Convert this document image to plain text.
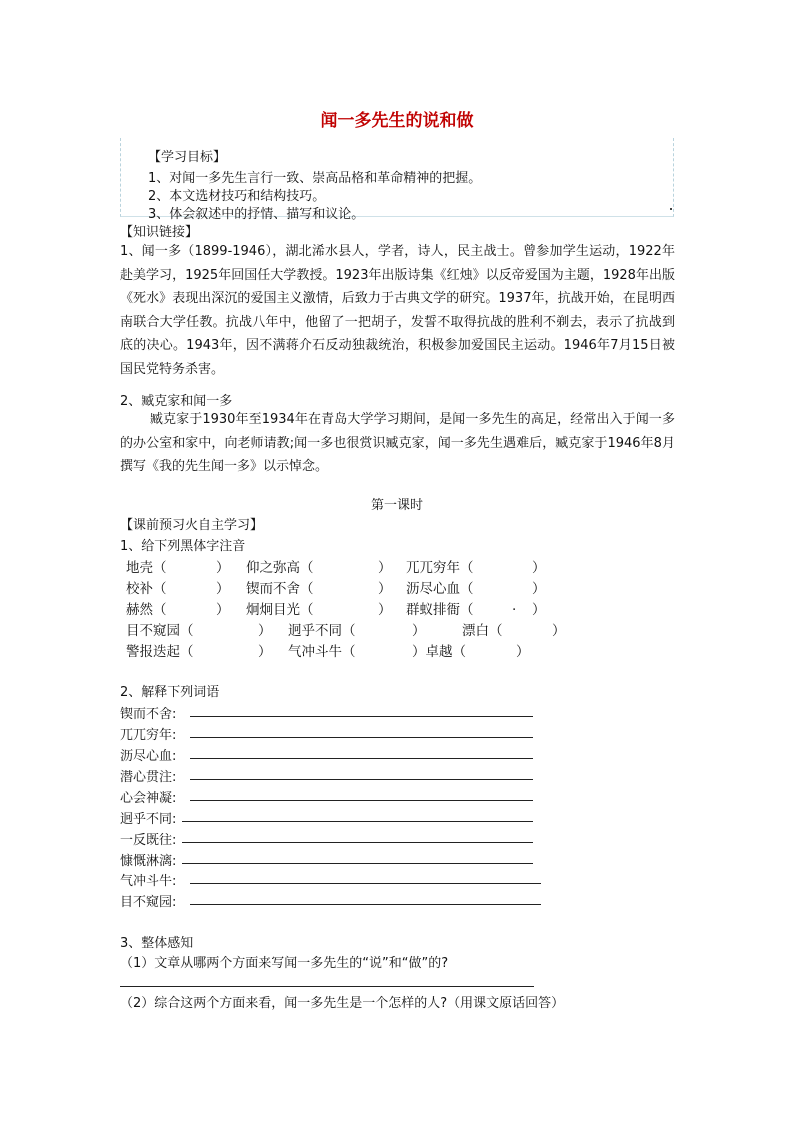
闻一多先生的说和做
【学习目标】
1、对闻一多先生言行一致、崇高品格和革命精神的把握。
2、本文选材技巧和结构技巧。
3、体会叙述中的抒情、描写和议论。
【知识链接】
1、闻一多（1899-1946），湖北浠水县人，学者，诗人，民主战士。曾参加学生运动，1922年赴美学习，1925年回国任大学教授。1923年出版诗集《红烛》以反帝爱国为主题，1928年出版《死水》表现出深沉的爱国主义激情，后致力于古典文学的研究。1937年，抗战开始，在昆明西南联合大学任教。抗战八年中，他留了一把胡子，发誓不取得抗战的胜利不剃去，表示了抗战到底的决心。1943年，因不满蒋介石反动独裁统治，积极参加爱国民主运动。1946年7月15日被国民党特务杀害。
2、臧克家和闻一多
臧克家于1930年至1934年在青岛大学学习期间，是闻一多先生的高足，经常出入于闻一多的办公室和家中，向老师请教;闻一多也很赏识臧克家，闻一多先生遇难后，臧克家于1946年8月撰写《我的先生闻一多》以示悼念。
第一课时
【课前预习火自主学习】
1、给下列黑体字注音
地壳（	） 仰之弥高（	） 兀兀穷年（	）
校补（	） 锲而不舍（	） 沥尽心血（	）
赫然（	） 炯炯目光（	） 群蚁排衙（	. ）
目不窥园（	） 迥乎不同（	）	漂白（	）
警报迭起（	） 气冲斗牛（	）卓越（	）
2、解释下列词语
锲而不舍:
兀兀穷年:
沥尽心血:
潜心贯注:
心会神凝:
迥乎不同:
一反既往:
慷慨淋漓:
气冲斗牛:
目不窥园:
3、整体感知
（1）文章从哪两个方面来写闻一多先生的“说”和“做”的?
（2）综合这两个方面来看，闻一多先生是一个怎样的人?（用课文原话回答）
